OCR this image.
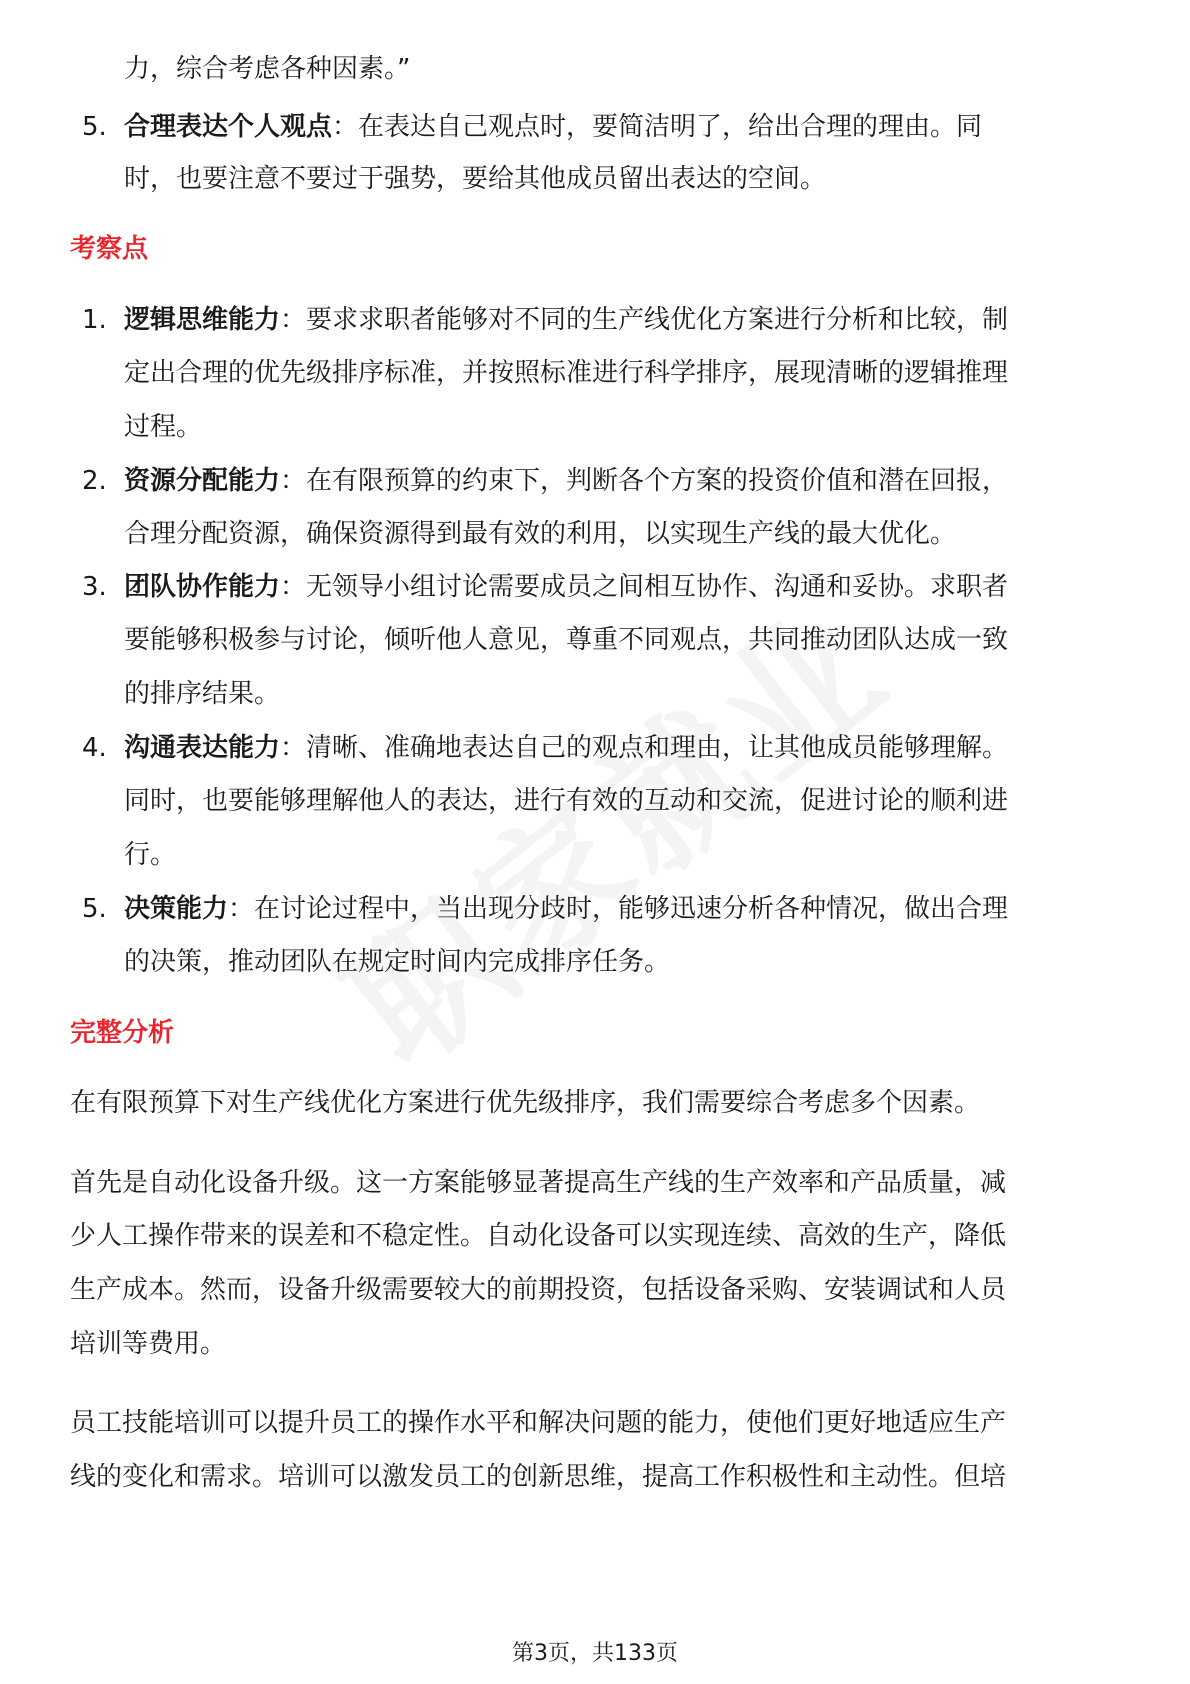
力，综合考虑各种因素。”
5. 合理表达个人观点：在表达自己观点时，要简洁明了，给出合理的理由。同
时，也要注意不要过于强势，要给其他成员留出表达的空间。
考察点
1. 逻辑思维能力：要求求职者能够对不同的生产线优化方案进行分析和比较，制
定出合理的优先级排序标准，并按照标准进行科学排序，展现清晰的逻辑推理
过程。
2. 资源分配能力：在有限预算的约束下，判断各个方案的投资价值和潜在回报，
合理分配资源，确保资源得到最有效的利用，以实现生产线的最大优化。
3. 团队协作能力：无领导小组讨论需要成员之间相互协作、沟通和妥协。求职者
要能够积极参与讨论，倾听他人意见，尊重不同观点，共同推动团队达成一致
的排序结果。
4. 沟通表达能力：清晰、准确地表达自己的观点和理由，让其他成员能够理解。
同时，也要能够理解他人的表达，进行有效的互动和交流，促进讨论的顺利进
行。
5. 决策能力：在讨论过程中，当出现分歧时，能够迅速分析各种情况，做出合理
的决策，推动团队在规定时间内完成排序任务。
完整分析
在有限预算下对生产线优化方案进行优先级排序，我们需要综合考虑多个因素。
首先是自动化设备升级。这一方案能够显著提高生产线的生产效率和产品质量，减
少人工操作带来的误差和不稳定性。自动化设备可以实现连续、高效的生产，降低
生产成本。然而，设备升级需要较大的前期投资，包括设备采购、安装调试和人员
培训等费用。
员工技能培训可以提升员工的操作水平和解决问题的能力，使他们更好地适应生产
线的变化和需求。培训可以激发员工的创新思维，提高工作积极性和主动性。但培
第3页，共133页
